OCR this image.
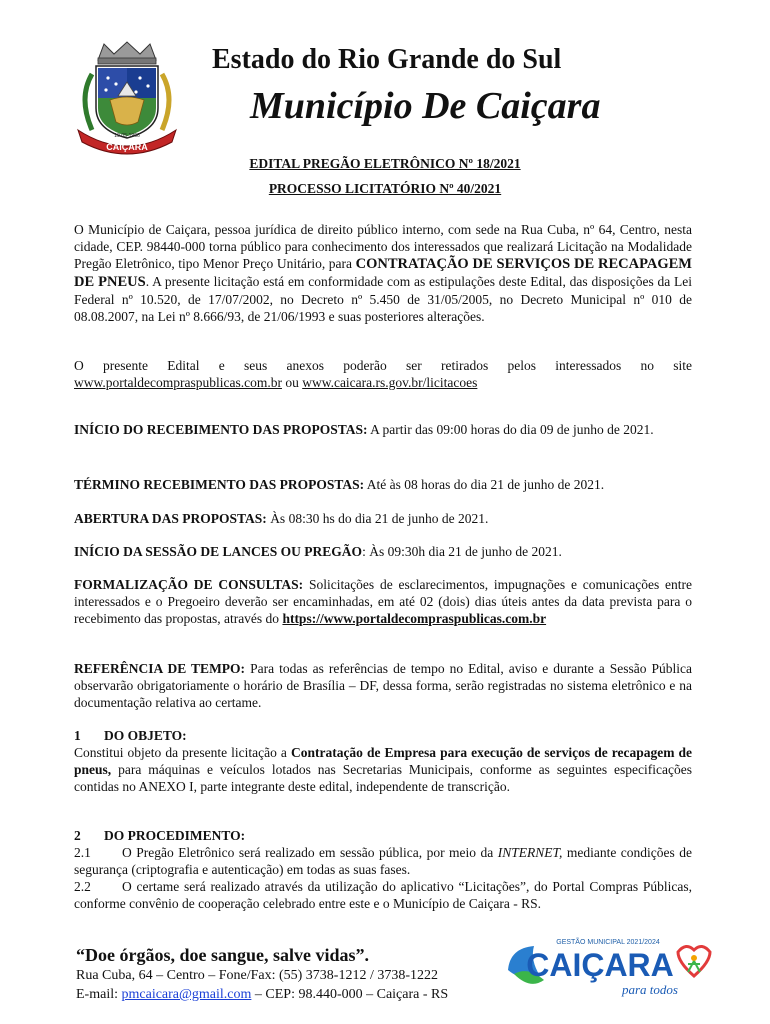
CAIÇARA
19-05-1966
Estado do Rio Grande do Sul
Município De Caiçara
EDITAL PREGÃO ELETRÔNICO Nº 18/2021
PROCESSO LICITATÓRIO Nº 40/2021
O Município de Caiçara, pessoa jurídica de direito público interno, com sede na Rua Cuba, nº 64, Centro, nesta cidade, CEP. 98440-000 torna público para conhecimento dos interessados que realizará Licitação na Modalidade Pregão Eletrônico, tipo Menor Preço Unitário, para CONTRATAÇÃO DE SERVIÇOS DE RECAPAGEM DE PNEUS. A presente licitação está em conformidade com as estipulações deste Edital, das disposições da Lei Federal nº 10.520, de 17/07/2002, no Decreto nº 5.450 de 31/05/2005, no Decreto Municipal nº 010 de 08.08.2007, na Lei nº 8.666/93, de 21/06/1993 e suas posteriores alterações.
O presente Edital e seus anexos poderão ser retirados pelos interessados no site www.portaldecompraspublicas.com.br ou www.caicara.rs.gov.br/licitacoes
INÍCIO DO RECEBIMENTO DAS PROPOSTAS: A partir das 09:00 horas do dia 09 de junho de 2021.
TÉRMINO RECEBIMENTO DAS PROPOSTAS: Até às 08 horas do dia 21 de junho de 2021.
ABERTURA DAS PROPOSTAS: Às 08:30 hs do dia 21 de junho de 2021.
INÍCIO DA SESSÃO DE LANCES OU PREGÃO: Às 09:30h dia 21 de junho de 2021.
FORMALIZAÇÃO DE CONSULTAS: Solicitações de esclarecimentos, impugnações e comunicações entre interessados e o Pregoeiro deverão ser encaminhadas, em até 02 (dois) dias úteis antes da data prevista para o recebimento das propostas, através do https://www.portaldecompraspublicas.com.br
REFERÊNCIA DE TEMPO: Para todas as referências de tempo no Edital, aviso e durante a Sessão Pública observarão obrigatoriamente o horário de Brasília – DF, dessa forma, serão registradas no sistema eletrônico e na documentação relativa ao certame.
1 DO OBJETO:
Constitui objeto da presente licitação a Contratação de Empresa para execução de serviços de recapagem de pneus, para máquinas e veículos lotados nas Secretarias Municipais, conforme as seguintes especificações contidas no ANEXO I, parte integrante deste edital, independente de transcrição.
2 DO PROCEDIMENTO:
2.1 O Pregão Eletrônico será realizado em sessão pública, por meio da INTERNET, mediante condições de segurança (criptografia e autenticação) em todas as suas fases.
2.2 O certame será realizado através da utilização do aplicativo “Licitações”, do Portal Compras Públicas, conforme convênio de cooperação celebrado entre este e o Município de Caiçara - RS.
“Doe órgãos, doe sangue, salve vidas”.
Rua Cuba, 64 – Centro – Fone/Fax: (55) 3738-1212 / 3738-1222
E-mail: pmcaicara@gmail.com – CEP: 98.440-000 – Caiçara - RS
GESTÃO MUNICIPAL 2021/2024
CAIÇARA
para todos
